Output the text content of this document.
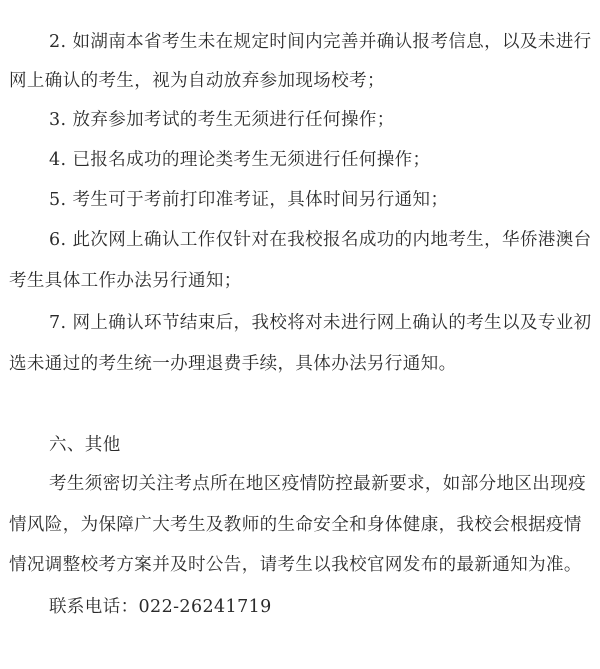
2. 如湖南本省考生未在规定时间内完善并确认报考信息，以及未进行
网上确认的考生，视为自动放弃参加现场校考；
3. 放弃参加考试的考生无须进行任何操作；
4. 已报名成功的理论类考生无须进行任何操作；
5. 考生可于考前打印准考证，具体时间另行通知；
6. 此次网上确认工作仅针对在我校报名成功的内地考生，华侨港澳台
考生具体工作办法另行通知；
7. 网上确认环节结束后，我校将对未进行网上确认的考生以及专业初
选未通过的考生统一办理退费手续，具体办法另行通知。
六、其他
考生须密切关注考点所在地区疫情防控最新要求，如部分地区出现疫
情风险，为保障广大考生及教师的生命安全和身体健康，我校会根据疫情
情况调整校考方案并及时公告，请考生以我校官网发布的最新通知为准。
联系电话：022-26241719
